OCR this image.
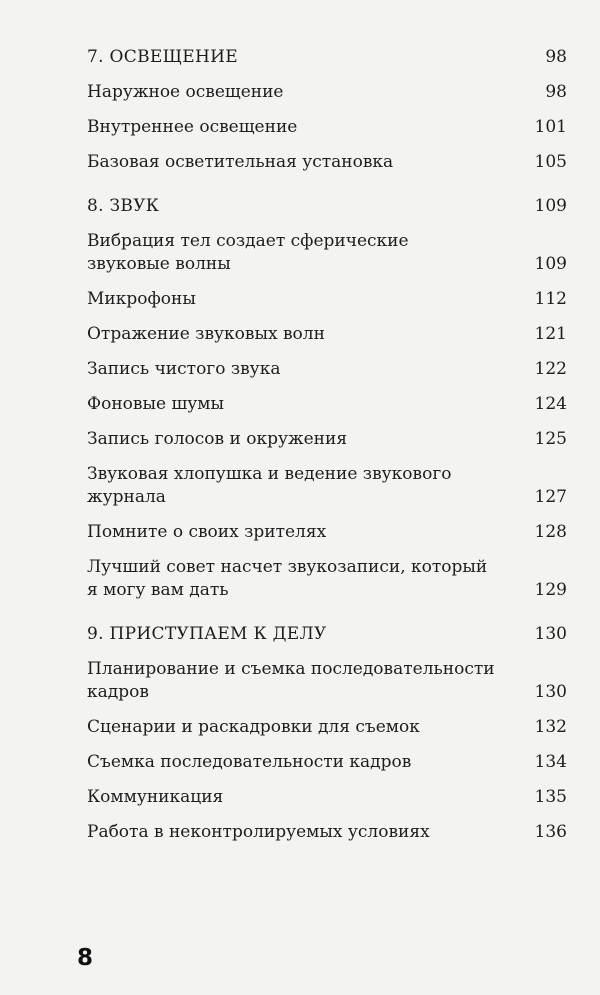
7. ОСВЕЩЕНИЕ	98
Наружное освещение	98
Внутреннее освещение	101
Базовая осветительная установка	105
8. ЗВУК	109
Вибрация тел создает сферические звуковые волны	109
Микрофоны	112
Отражение звуковых волн	121
Запись чистого звука	122
Фоновые шумы	124
Запись голосов и окружения	125
Звуковая хлопушка и ведение звукового журнала	127
Помните о своих зрителях	128
Лучший совет насчет звукозаписи, который я могу вам дать	129
9. ПРИСТУПАЕМ К ДЕЛУ	130
Планирование и съемка последовательности кадров	130
Сценарии и раскадровки для съемок	132
Съемка последовательности кадров	134
Коммуникация	135
Работа в неконтролируемых условиях	136
8
